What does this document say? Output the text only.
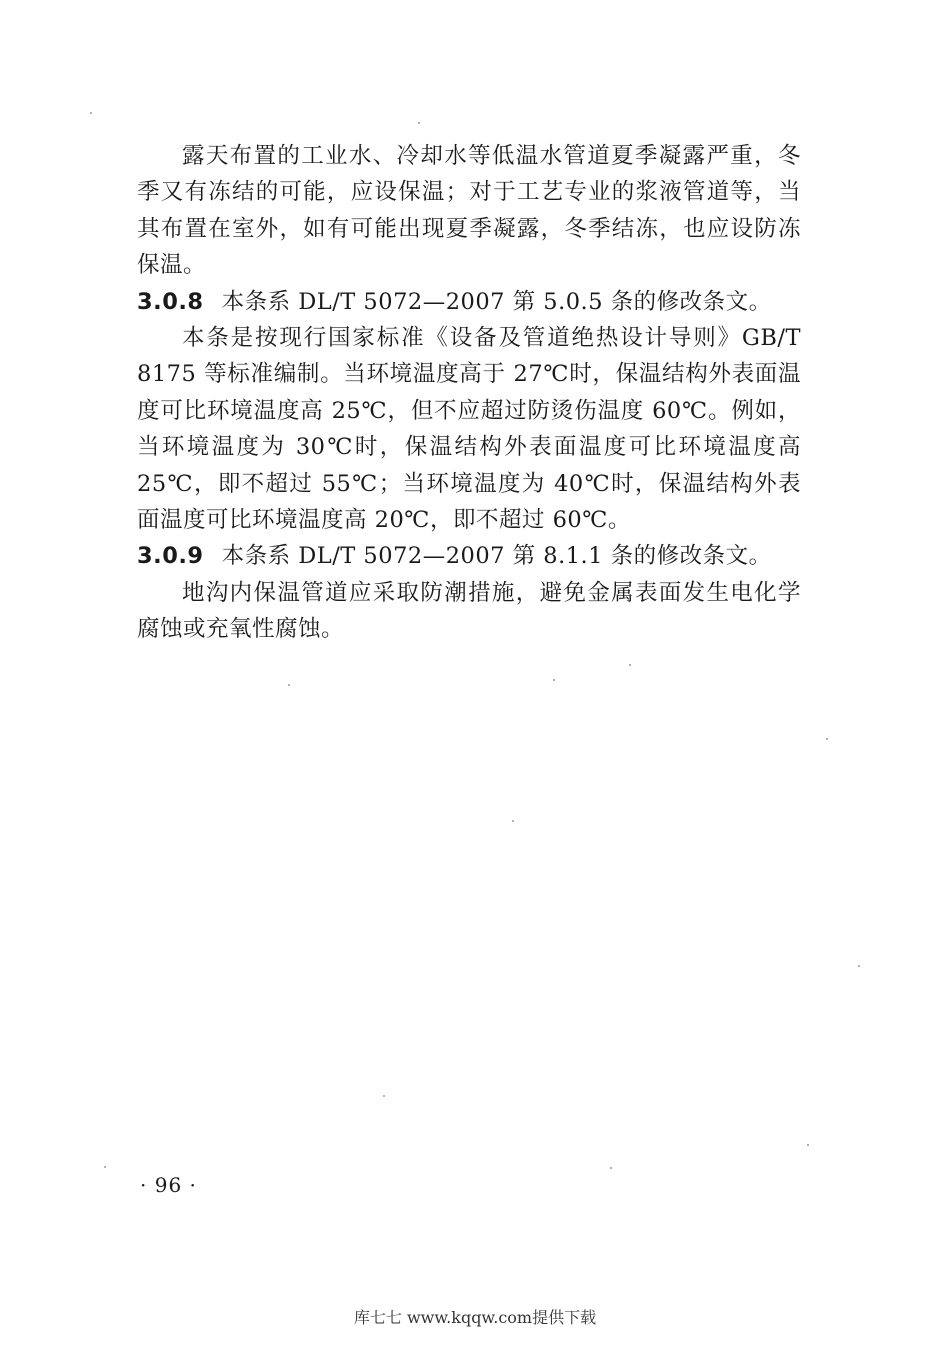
露天布置的工业水、冷却水等低温水管道夏季凝露严重，冬季又有冻结的可能，应设保温；对于工艺专业的浆液管道等，当其布置在室外，如有可能出现夏季凝露，冬季结冻，也应设防冻保温。

3.0.8 本条系 DL/T 5072—2007 第 5.0.5 条的修改条文。

本条是按现行国家标准《设备及管道绝热设计导则》GB/T 8175 等标准编制。当环境温度高于 27℃时，保温结构外表面温度可比环境温度高 25℃，但不应超过防烫伤温度 60℃。例如，当环境温度为 30℃时，保温结构外表面温度可比环境温度高 25℃，即不超过 55℃；当环境温度为 40℃时，保温结构外表面温度可比环境温度高 20℃，即不超过 60℃。

3.0.9 本条系 DL/T 5072—2007 第 8.1.1 条的修改条文。

地沟内保温管道应采取防潮措施，避免金属表面发生电化学腐蚀或充氧性腐蚀。

· 96 ·
库七七 www.kqqw.com提供下载
